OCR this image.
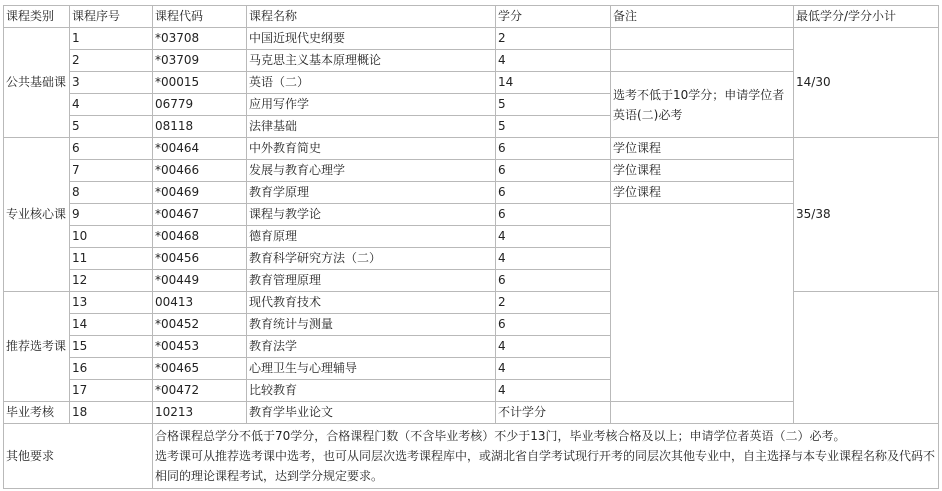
课程类别	课程序号	课程代码	课程名称	学分	备注	最低学分/学分小计
公共基础课	1	*03708	中国近现代史纲要	2		14/30
	2	*03709	马克思主义基本原理概论	4		
	3	*00015	英语（二）	14	选考不低于10学分；申请学位者英语(二)必考	
	4	06779	应用写作学	5		
	5	08118	法律基础	5		
专业核心课	6	*00464	中外教育简史	6	学位课程	35/38
	7	*00466	发展与教育心理学	6	学位课程	
	8	*00469	教育学原理	6	学位课程	
	9	*00467	课程与教学论	6		
	10	*00468	德育原理	4		
	11	*00456	教育科学研究方法（二）	4		
	12	*00449	教育管理原理	6		
推荐选考课	13	00413	现代教育技术	2		
	14	*00452	教育统计与测量	6		
	15	*00453	教育法学	4		
	16	*00465	心理卫生与心理辅导	4		
	17	*00472	比较教育	4		
毕业考核	18	10213	教育学毕业论文	不计学分		
其他要求		合格课程总学分不低于70学分，合格课程门数（不含毕业考核）不少于13门，毕业考核合格及以上；申请学位者英语（二）必考。
选考课可从推荐选考课中选考，也可从同层次选考课程库中，或湖北省自学考试现行开考的同层次其他专业中，自主选择与本专业课程名称及代码不相同的理论课程考试，达到学分规定要求。				
